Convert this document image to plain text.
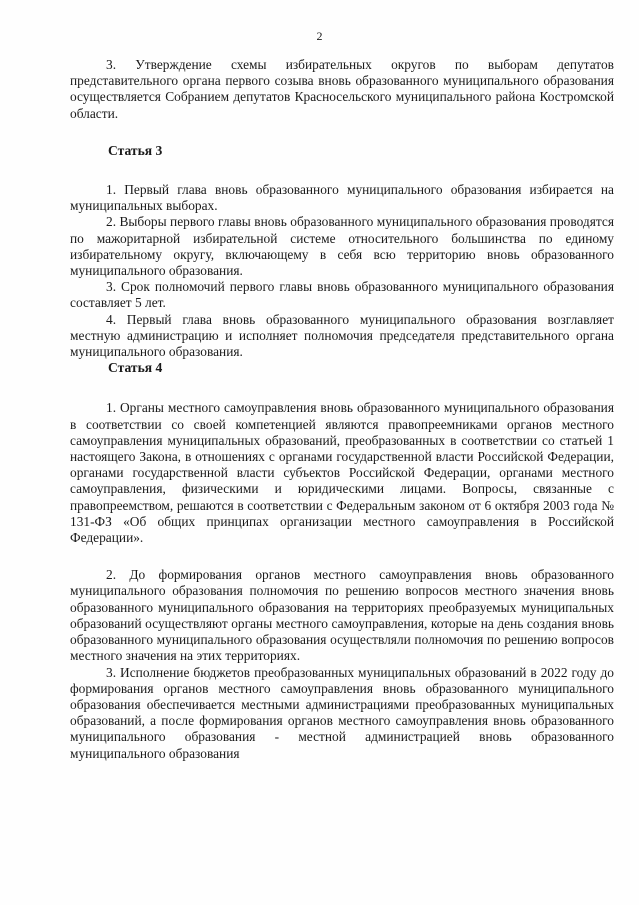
2

3. Утверждение схемы избирательных округов по выборам депутатов представительного органа первого созыва вновь образованного муниципального образования осуществляется Собранием депутатов Красносельского муниципального района Костромской области.

Статья 3

1. Первый глава вновь образованного муниципального образования избирается на муниципальных выборах.

2. Выборы первого главы вновь образованного муниципального образования проводятся по мажоритарной избирательной системе относительного большинства по единому избирательному округу, включающему в себя всю территорию вновь образованного муниципального образования.

3. Срок полномочий первого главы вновь образованного муниципального образования составляет 5 лет.

4. Первый глава вновь образованного муниципального образования возглавляет местную администрацию и исполняет полномочия председателя представительного органа муниципального образования.

Статья 4

1. Органы местного самоуправления вновь образованного муниципального образования в соответствии со своей компетенцией являются правопреемниками органов местного самоуправления муниципальных образований, преобразованных в соответствии со статьей 1 настоящего Закона, в отношениях с органами государственной власти Российской Федерации, органами государственной власти субъектов Российской Федерации, органами местного самоуправления, физическими и юридическими лицами. Вопросы, связанные с правопреемством, решаются в соответствии с Федеральным законом от 6 октября 2003 года № 131-ФЗ «Об общих принципах организации местного самоуправления в Российской Федерации».

2. До формирования органов местного самоуправления вновь образованного муниципального образования полномочия по решению вопросов местного значения вновь образованного муниципального образования на территориях преобразуемых муниципальных образований осуществляют органы местного самоуправления, которые на день создания вновь образованного муниципального образования осуществляли полномочия по решению вопросов местного значения на этих территориях.

3. Исполнение бюджетов преобразованных муниципальных образований в 2022 году до формирования органов местного самоуправления вновь образованного муниципального образования обеспечивается местными администрациями преобразованных муниципальных образований, а после формирования органов местного самоуправления вновь образованного муниципального образования - местной администрацией вновь образованного муниципального образования
